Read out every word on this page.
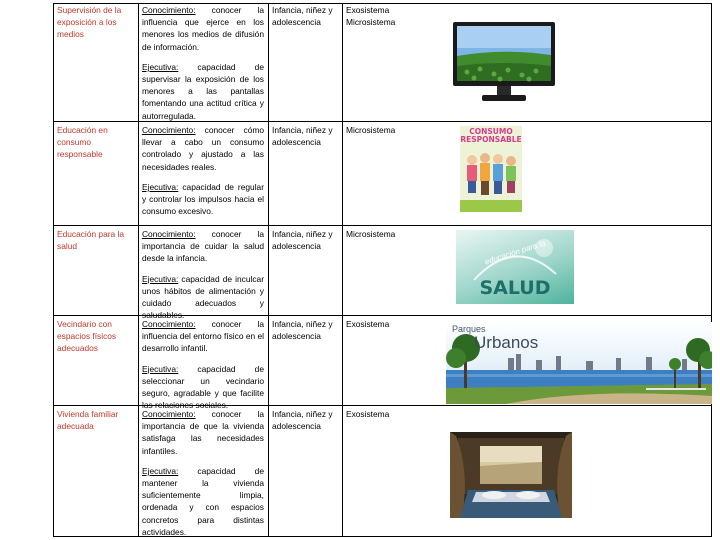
Supervisión de la exposición a los medios

Conocimiento: conocer la influencia que ejerce en los menores los medios de difusión de información.

Ejecutiva: capacidad de supervisar la exposición de los menores a las pantallas fomentando una actitud crítica y autorregulada.

Infancia, niñez y adolescencia
Exosistema Microsistema
Educación en consumo responsable

Conocimiento: conocer cómo llevar a cabo un consumo controlado y ajustado a las necesidades reales.

Ejecutiva: capacidad de regular y controlar los impulsos hacia el consumo excesivo.

Infancia, niñez y adolescencia
Microsistema	CONSUMO RESPONSABLE
Educación para la salud

Conocimiento: conocer la importancia de cuidar la salud desde la infancia.

Ejecutiva: capacidad de inculcar unos hábitos de alimentación y cuidado adecuados y saludables.

Infancia, niñez y adolescencia
Microsistema
educación para la
SALUD
Vecindario con espacios físicos adecuados

Conocimiento: conocer la influencia del entorno físico en el desarrollo infantil.

Ejecutiva: capacidad de seleccionar un vecindario seguro, agradable y que facilite las relaciones sociales.

Infancia, niñez y adolescencia
Exosistema	Parques
Urbanos
Vivienda familiar adecuada

Conocimiento: conocer la importancia de que la vivienda satisfaga las necesidades infantiles.

Ejecutiva: capacidad de mantener la vivienda suficientemente limpia, ordenada y con espacios concretos para distintas actividades.

Infancia, niñez y adolescencia
Exosistema
